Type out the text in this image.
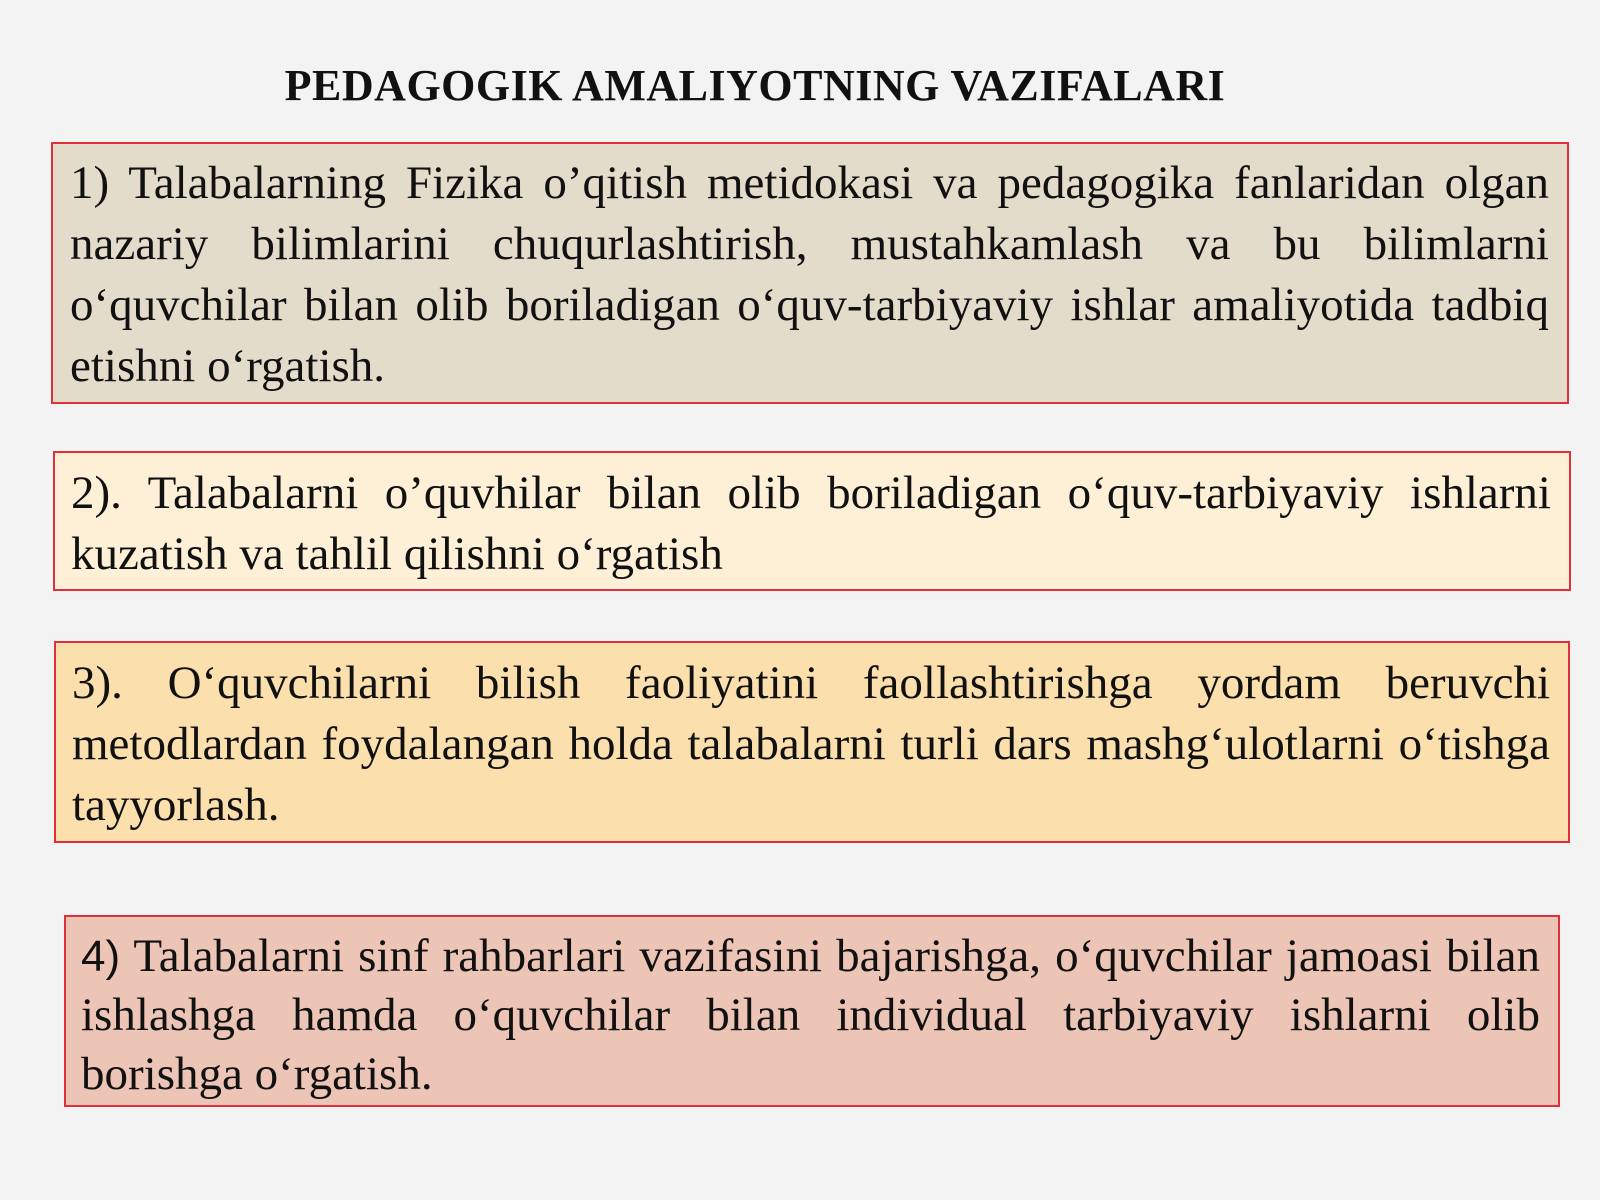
PEDAGOGIK AMALIYOTNING VAZIFALARI
1) Talabalarning Fizika o’qitish metidokasi va pedagogika fanlaridan olgan nazariy bilimlarini chuqurlashtirish, mustahkamlash va bu bilimlarni o‘quvchilar bilan olib boriladigan o‘quv-tarbiyaviy ishlar amaliyotida tadbiq etishni o‘rgatish.
2). Talabalarni o’quvhilar bilan olib boriladigan o‘quv-tarbiyaviy ishlarni kuzatish va tahlil qilishni o‘rgatish
3). O‘quvchilarni bilish faoliyatini faollashtirishga yordam beruvchi metodlardan foydalangan holda talabalarni turli dars mashg‘ulotlarni o‘tishga tayyorlash.
4) Talabalarni sinf rahbarlari vazifasini bajarishga, o‘quvchilar jamoasi bilan ishlashga hamda o‘quvchilar bilan individual tarbiyaviy ishlarni olib borishga o‘rgatish.
